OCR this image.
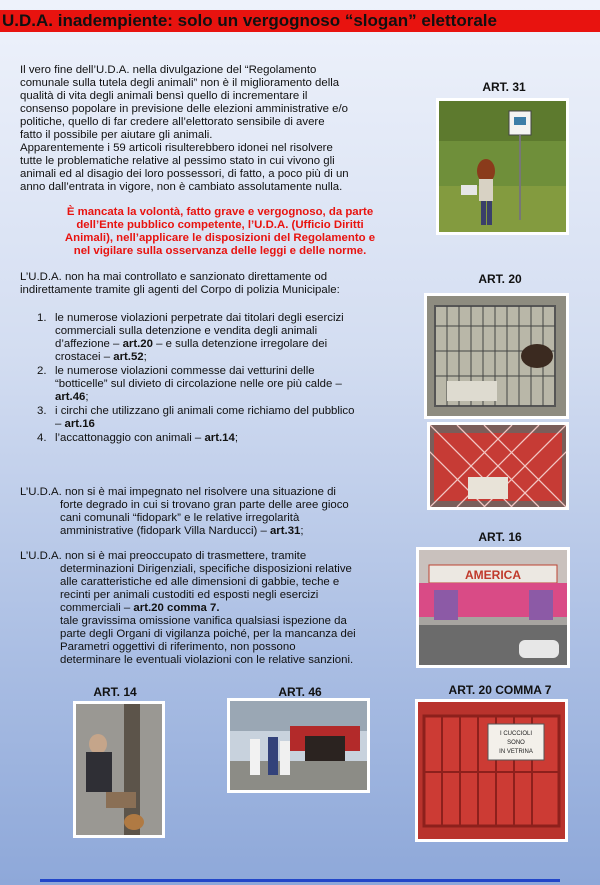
U.D.A. inadempiente: solo un vergognoso “slogan” elettorale
Il vero fine dell’U.D.A. nella divulgazione del “Regolamento
comunale sulla tutela degli animali” non è il miglioramento della
qualità di vita degli animali bensì quello di incrementare il
consenso popolare in previsione delle elezioni amministrative e/o
politiche, quello di far credere all’elettorato sensibile di avere
fatto il possibile per aiutare gli animali.
Apparentemente i 59 articoli risulterebbero idonei nel risolvere
tutte le problematiche relative al pessimo stato in cui vivono gli
animali ed al disagio dei loro possessori, di fatto, a poco più di un
anno dall’entrata in vigore, non è cambiato assolutamente nulla.
È mancata la volontà, fatto grave e vergognoso, da parte
dell’Ente pubblico competente, l’U.D.A. (Ufficio Diritti
Animali), nell’applicare le disposizioni del Regolamento e
nel vigilare sulla osservanza delle leggi e delle norme.
L’U.D.A. non ha mai controllato e sanzionato direttamente od
indirettamente tramite gli agenti del Corpo di polizia Municipale:
1. le numerose violazioni perpetrate dai titolari degli esercizi
commerciali sulla detenzione e vendita degli animali
d’affezione – art.20 – e sulla detenzione irregolare dei
crostacei – art.52;
2. le numerose violazioni commesse dai vetturini delle
“botticelle” sul divieto di circolazione nelle ore più calde –
art.46;
3. i circhi che utilizzano gli animali come richiamo del pubblico
– art.16
4. l’accattonaggio con animali – art.14;
L’U.D.A. non si è mai impegnato nel risolvere una situazione di
forte degrado in cui si trovano gran parte delle aree gioco
cani comunali “fidopark” e le relative irregolarità
amministrative (fidopark Villa Narducci) – art.31;
L’U.D.A. non si è mai preoccupato di trasmettere, tramite
determinazioni Dirigenziali, specifiche disposizioni relative
alle caratteristiche ed alle dimensioni di gabbie, teche e
recinti per animali custoditi ed esposti negli esercizi
commerciali – art.20 comma 7.
tale gravissima omissione vanifica qualsiasi ispezione da
parte degli Organi di vigilanza poiché, per la mancanza dei
Parametri oggettivi di riferimento, non possono
determinare le eventuali violazioni con le relative sanzioni.
ART. 31
ART. 20
ART. 16
AMERICA
ART. 14	ART. 46	ART. 20 COMMA 7
I CUCCIOLI
SONO
IN VETRINA
